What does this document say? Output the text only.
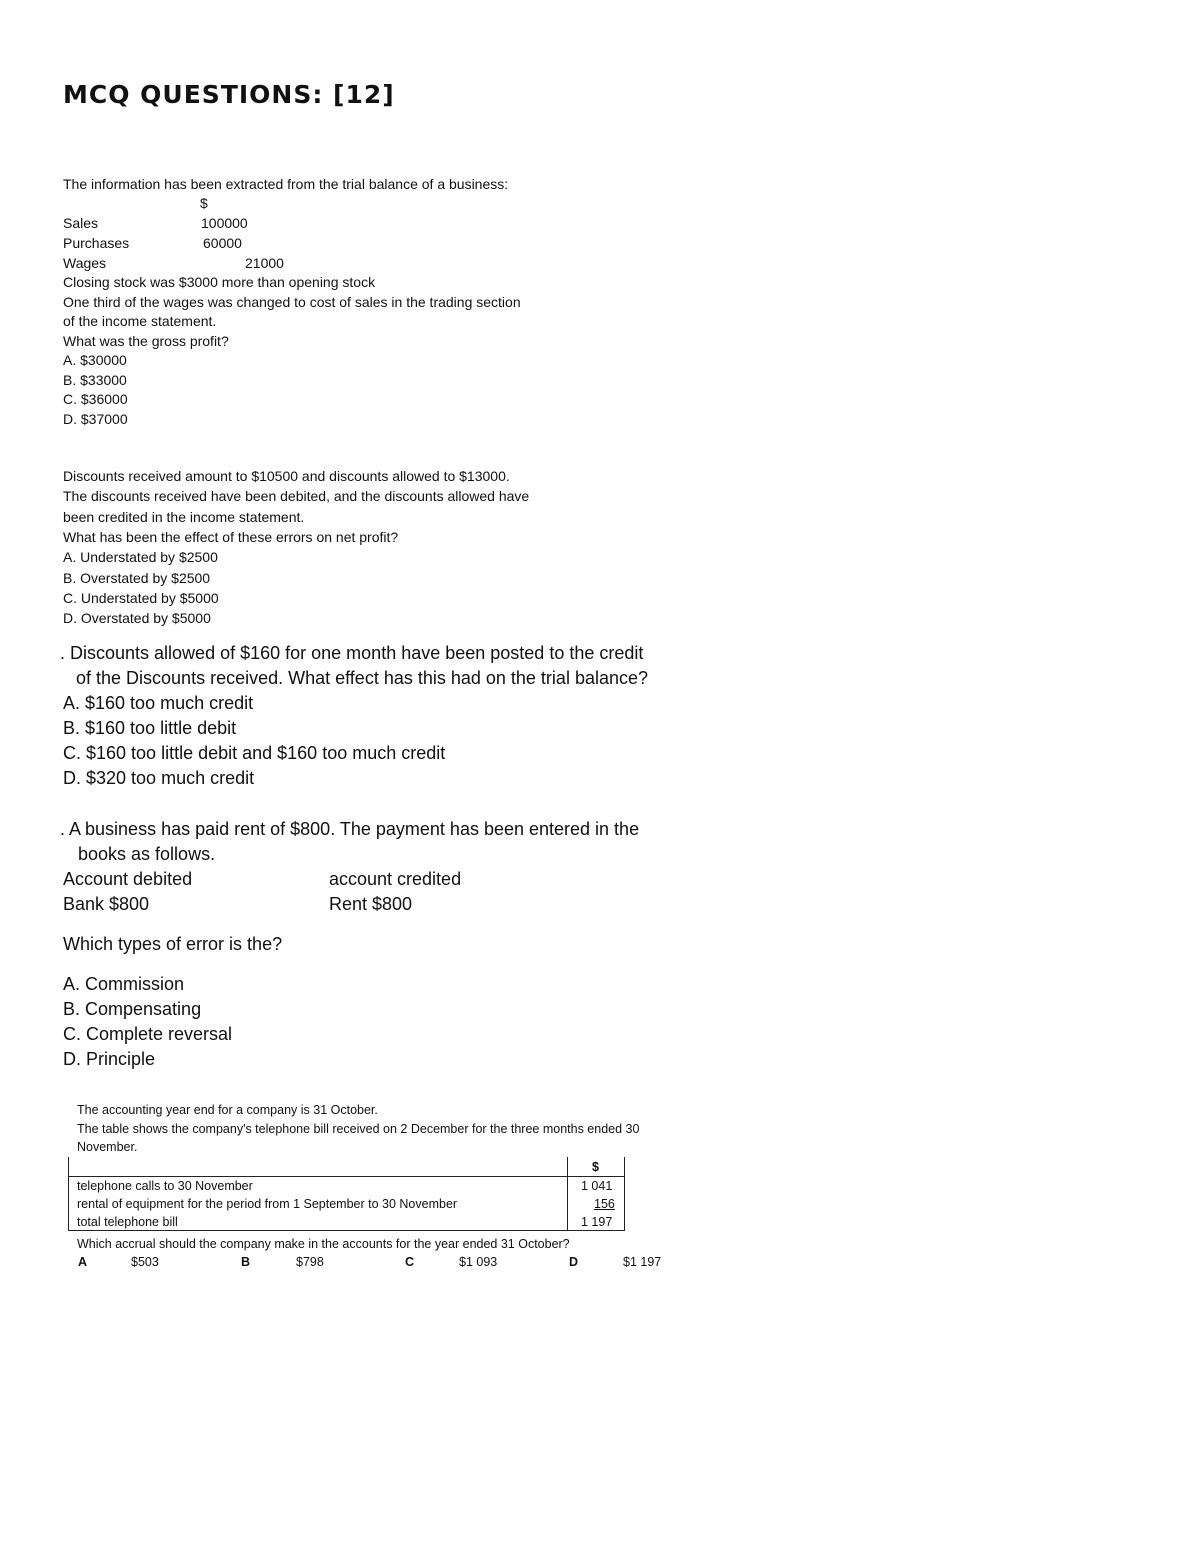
MCQ QUESTIONS: [12]
The information has been extracted from the trial balance of a business:
$
Sales	100000
Purchases	60000
Wages	21000
Closing stock was $3000 more than opening stock
One third of the wages was changed to cost of sales in the trading section
of the income statement.
What was the gross profit?
A. $30000
B. $33000
C. $36000
D. $37000
Discounts received amount to $10500 and discounts allowed to $13000.
The discounts received have been debited, and the discounts allowed have
been credited in the income statement.
What has been the effect of these errors on net profit?
A. Understated by $2500
B. Overstated by $2500
C. Understated by $5000
D. Overstated by $5000
. Discounts allowed of $160 for one month have been posted to the credit
of the Discounts received. What effect has this had on the trial balance?
A. $160 too much credit
B. $160 too little debit
C. $160 too little debit and $160 too much credit
D. $320 too much credit
. A business has paid rent of $800. The payment has been entered in the
books as follows.
Account debited	account credited
Bank $800	Rent $800
Which types of error is the?
A. Commission
B. Compensating
C. Complete reversal
D. Principle
The accounting year end for a company is 31 October.
The table shows the company's telephone bill received on 2 December for the three months ended 30
November.
$
telephone calls to 30 November	1 041
rental of equipment for the period from 1 September to 30 November	156
total telephone bill	1 197
Which accrual should the company make in the accounts for the year ended 31 October?
A	$503	B	$798	C	$1 093	D	$1 197
